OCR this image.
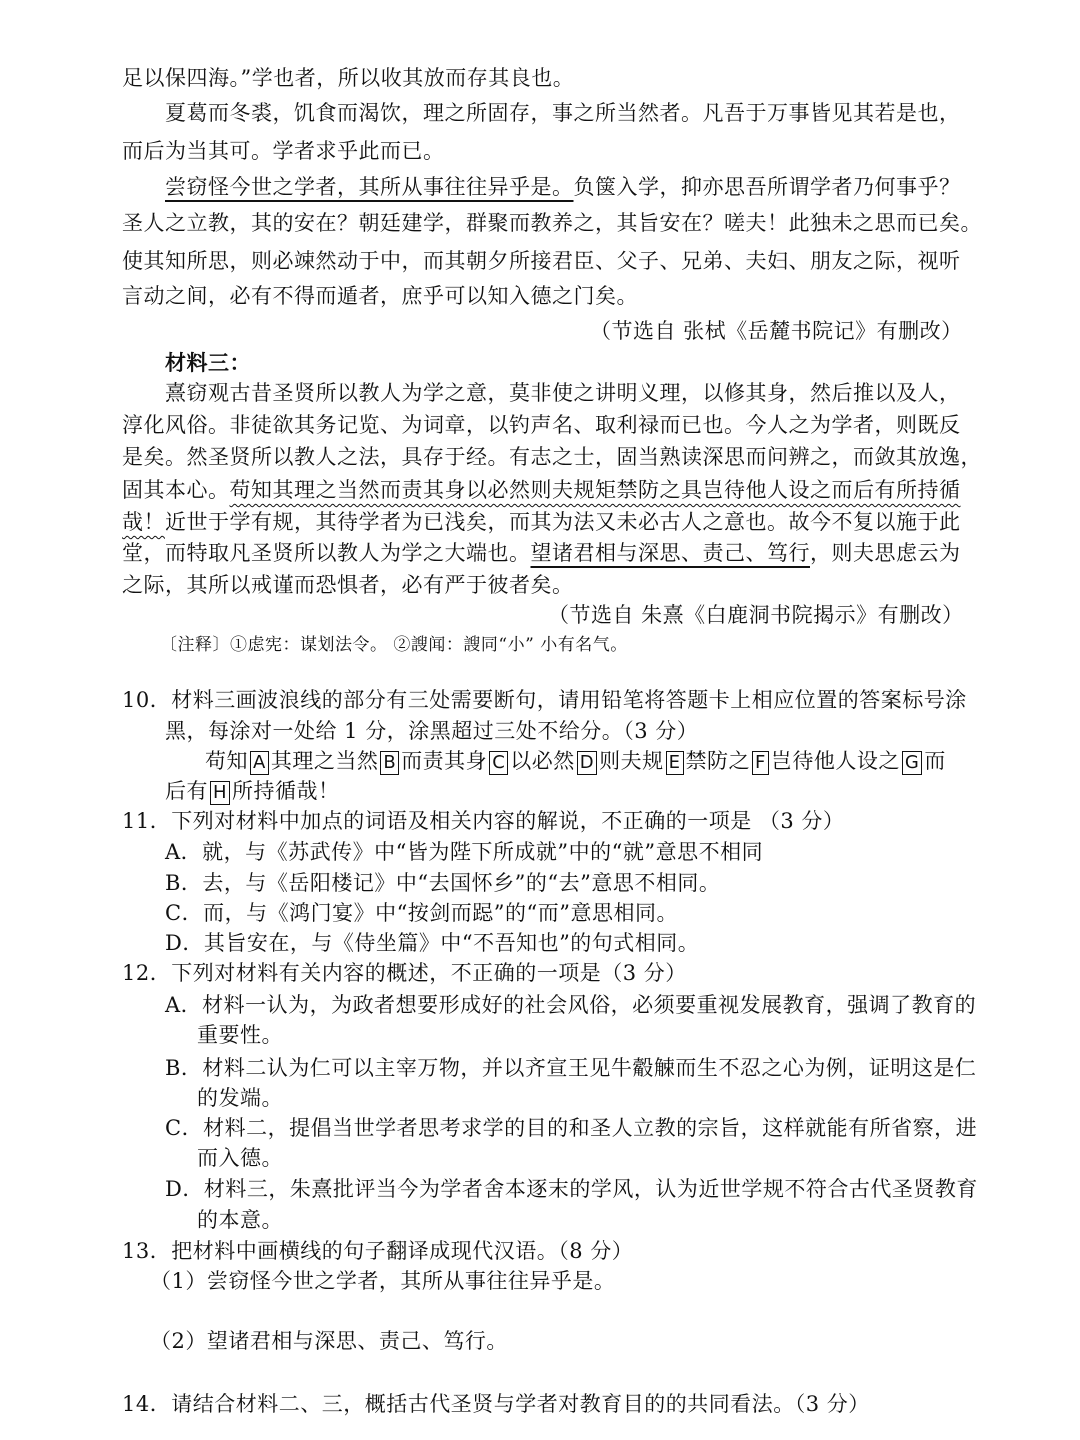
足以保四海。”学也者，所以收其放而存其良也。
夏葛而冬裘，饥食而渴饮，理之所固存，事之所当然者。凡吾于万事皆见其若是也，
而后为当其可。学者求乎此而已。
尝窃怪今世之学者，其所从事往往异乎是。负箧入学，抑亦思吾所谓学者乃何事乎？
圣人之立教，其的安在？朝廷建学，群聚而教养之，其旨安在？嗟夫！此独未之思而已矣。
使其知所思，则必竦然动于中，而其朝夕所接君臣、父子、兄弟、夫妇、朋友之际，视听
言动之间，必有不得而遁者，庶乎可以知入德之门矣。
（节选自 张栻《岳麓书院记》有删改）
材料三：
熹窃观古昔圣贤所以教人为学之意，莫非使之讲明义理，以修其身，然后推以及人，
淳化风俗。非徒欲其务记览、为词章，以钓声名、取利禄而已也。今人之为学者，则既反
是矣。然圣贤所以教人之法，具存于经。有志之士，固当熟读深思而问辨之，而敛其放逸，
固其本心。苟知其理之当然而责其身以必然则夫规矩禁防之具岂待他人设之而后有所持循
哉！近世于学有规，其待学者为已浅矣，而其为法又未必古人之意也。故今不复以施于此
堂，而特取凡圣贤所以教人为学之大端也。望诸君相与深思、责己、笃行，则夫思虑云为
之际，其所以戒谨而恐惧者，必有严于彼者矣。
（节选自 朱熹《白鹿洞书院揭示》有删改）
〔注释〕①虑宪：谋划法令。 ②謏闻：謏同“小” 小有名气。
10．材料三画波浪线的部分有三处需要断句，请用铅笔将答题卡上相应位置的答案标号涂
黑，每涂对一处给 1 分，涂黑超过三处不给分。（3 分）
苟知 A 其理之当然 B 而责其身 C 以必然 D 则夫规 E 禁防之 F 岂待他人设之 G 而
后有 H 所持循哉！
11．下列对材料中加点的词语及相关内容的解说，不正确的一项是 （3 分）
A．就，与《苏武传》中“皆为陛下所成就”中的“就”意思不相同
B．去，与《岳阳楼记》中“去国怀乡”的“去”意思不相同。
C．而，与《鸿门宴》中“按剑而跽”的“而”意思相同。
D．其旨安在，与《侍坐篇》中“不吾知也”的句式相同。
12．下列对材料有关内容的概述，不正确的一项是（3 分）
A．材料一认为，为政者想要形成好的社会风俗，必须要重视发展教育，强调了教育的
重要性。
B．材料二认为仁可以主宰万物，并以齐宣王见牛觳觫而生不忍之心为例，证明这是仁
的发端。
C．材料二，提倡当世学者思考求学的目的和圣人立教的宗旨，这样就能有所省察，进
而入德。
D．材料三，朱熹批评当今为学者舍本逐末的学风，认为近世学规不符合古代圣贤教育
的本意。
13．把材料中画横线的句子翻译成现代汉语。（8 分）
（1）尝窃怪今世之学者，其所从事往往异乎是。
（2）望诸君相与深思、责己、笃行。
14．请结合材料二、三，概括古代圣贤与学者对教育目的的共同看法。（3 分）
